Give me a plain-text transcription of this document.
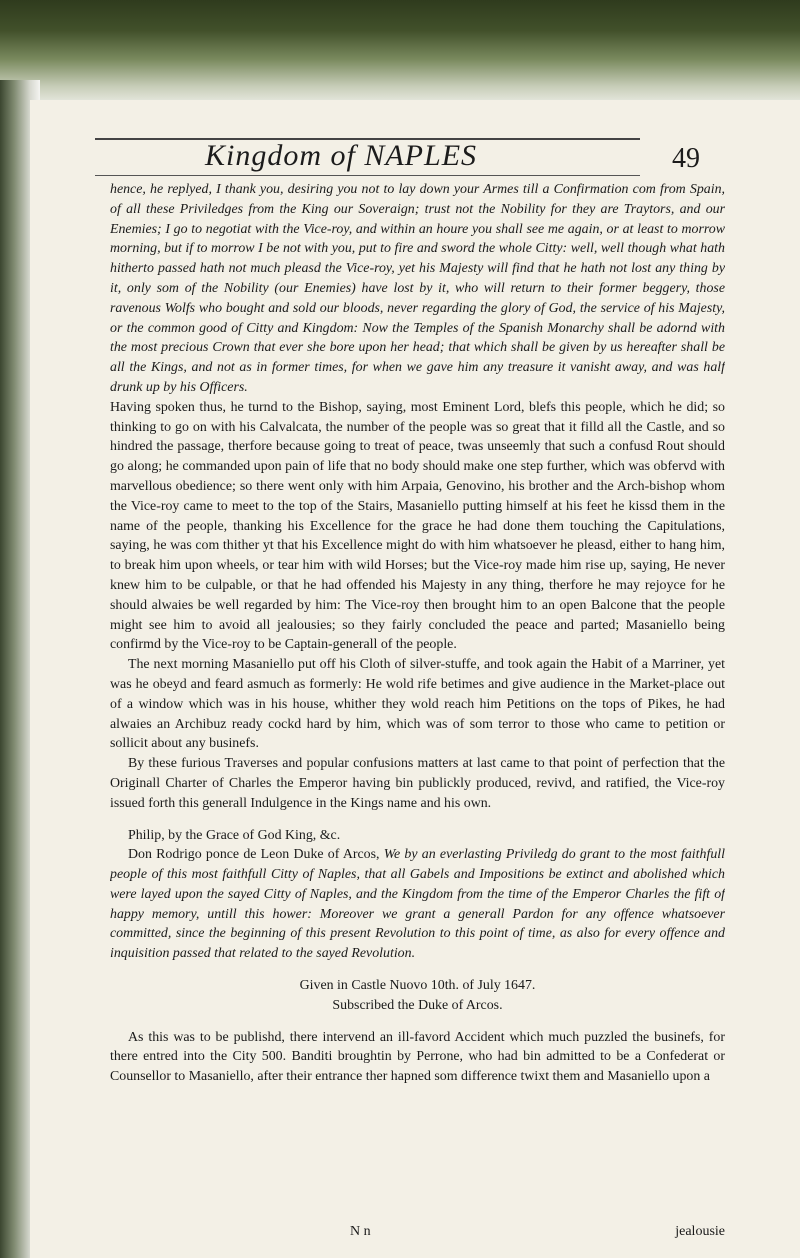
Kingdom of NAPLES	49

hence, he replyed, I thank you, desiring you not to lay down your Armes till a Confirmation com from Spain, of all these Priviledges from the King our Soveraign; trust not the Nobility for they are Traytors, and our Enemies; I go to negotiat with the Vice-roy, and within an houre you shall see me again, or at least to morrow morning, but if to morrow I be not with you, put to fire and sword the whole Citty: well, well though what hath hitherto passed hath not much pleasd the Vice-roy, yet his Majesty will find that he hath not lost any thing by it, only som of the Nobility (our Enemies) have lost by it, who will return to their former beggery, those ravenous Wolfs who bought and sold our bloods, never regarding the glory of God, the service of his Majesty, or the common good of Citty and Kingdom: Now the Temples of the Spanish Monarchy shall be adornd with the most precious Crown that ever she bore upon her head; that which shall be given by us hereafter shall be all the Kings, and not as in former times, for when we gave him any treasure it vanisht away, and was half drunk up by his Officers.

Having spoken thus, he turnd to the Bishop, saying, most Eminent Lord, blefs this people, which he did; so thinking to go on with his Calvalcata, the number of the people was so great that it filld all the Castle, and so hindred the passage, therfore because going to treat of peace, twas unseemly that such a confusd Rout should go along; he commanded upon pain of life that no body should make one step further, which was obfervd with marvellous obedience; so there went only with him Arpaia, Genovino, his brother and the Arch-bishop whom the Vice-roy came to meet to the top of the Stairs, Masaniello putting himself at his feet he kissd them in the name of the people, thanking his Excellence for the grace he had done them touching the Capitulations, saying, he was com thither yt that his Excellence might do with him whatsoever he pleasd, either to hang him, to break him upon wheels, or tear him with wild Horses; but the Vice-roy made him rise up, saying, He never knew him to be culpable, or that he had offended his Majesty in any thing, therfore he may rejoyce for he should alwaies be well regarded by him: The Vice-roy then brought him to an open Balcone that the people might see him to avoid all jealousies; so they fairly concluded the peace and parted; Masaniello being confirmd by the Vice-roy to be Captain-generall of the people.

The next morning Masaniello put off his Cloth of silver-stuffe, and took again the Habit of a Marriner, yet was he obeyd and feard asmuch as formerly: He wold rife betimes and give audience in the Market-place out of a window which was in his house, whither they wold reach him Petitions on the tops of Pikes, he had alwaies an Archibuz ready cockd hard by him, which was of som terror to those who came to petition or sollicit about any businefs.

By these furious Traverses and popular confusions matters at last came to that point of perfection that the Originall Charter of Charles the Emperor having bin publickly produced, revivd, and ratified, the Vice-roy issued forth this generall Indulgence in the Kings name and his own.

Philip, by the Grace of God King, &c.

Don Rodrigo ponce de Leon Duke of Arcos, We by an everlasting Priviledg do grant to the most faithfull people of this most faithfull Citty of Naples, that all Gabels and Impositions be extinct and abolished which were layed upon the sayed Citty of Naples, and the Kingdom from the time of the Emperor Charles the fift of happy memory, untill this hower: Moreover we grant a generall Pardon for any offence whatsoever committed, since the beginning of this present Revolution to this point of time, as also for every offence and inquisition passed that related to the sayed Revolution.

Given in Castle Nuovo 10th. of July 1647.

Subscribed the Duke of Arcos.

As this was to be publishd, there intervend an ill-favord Accident which much puzzled the businefs, for there entred into the City 500. Banditi broughtin by Perrone, who had bin admitted to be a Confederat or Counsellor to Masaniello, after their entrance ther hapned som difference twixt them and Masaniello upon a

N n	jealousie
